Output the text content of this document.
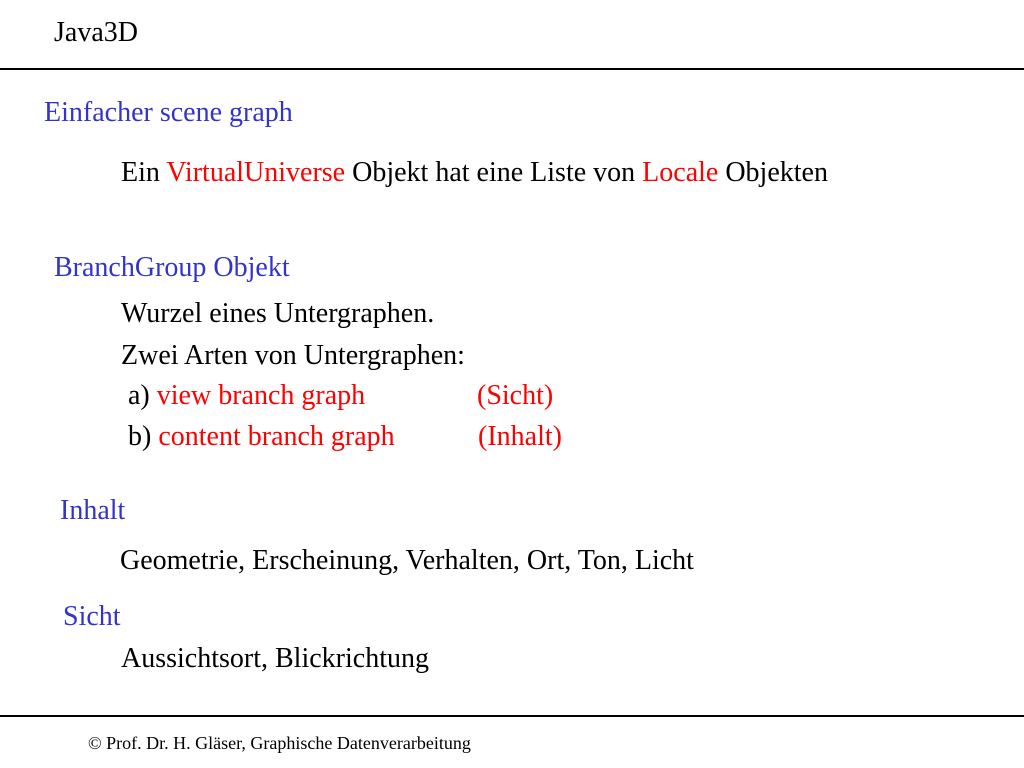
Java3D
Einfacher scene graph
Ein VirtualUniverse Objekt hat eine Liste von Locale Objekten
BranchGroup Objekt
Wurzel eines Untergraphen.
Zwei Arten von Untergraphen:
a) view branch graph	(Sicht)
b) content branch graph	(Inhalt)
Inhalt
Geometrie, Erscheinung, Verhalten, Ort, Ton, Licht
Sicht
Aussichtsort, Blickrichtung
© Prof. Dr. H. Gläser, Graphische Datenverarbeitung
